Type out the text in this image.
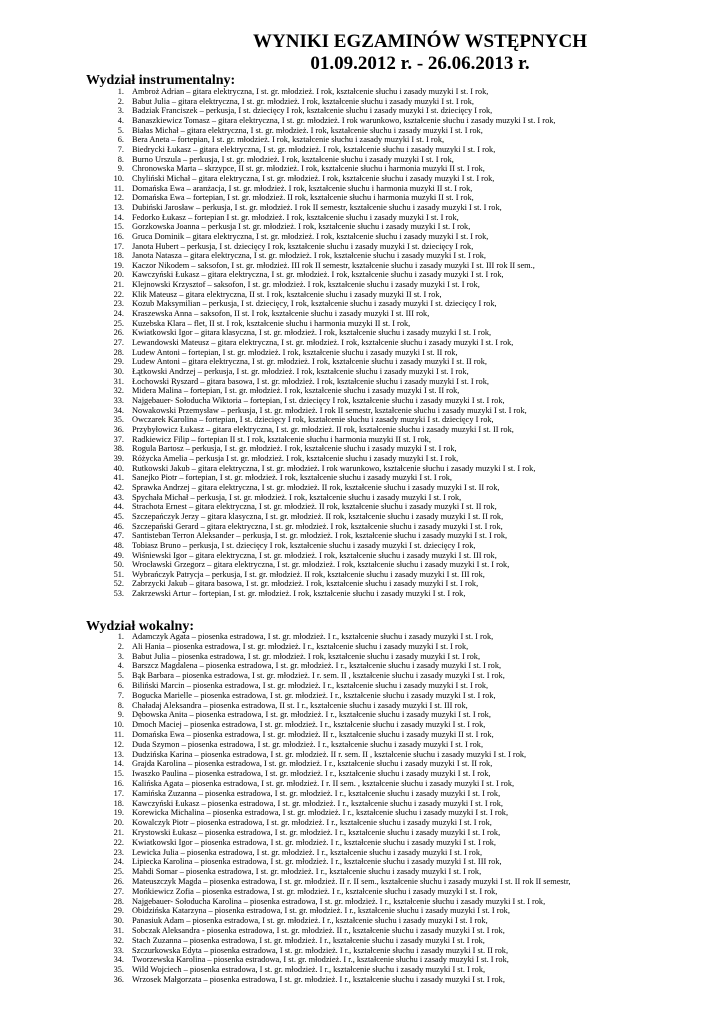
WYNIKI EGZAMINÓW WSTĘPNYCH
01.09.2012 r. - 26.06.2013 r.
Wydział instrumentalny:
1. Ambroż Adrian – gitara elektryczna, I st. gr. młodzież. I rok, kształcenie słuchu i zasady muzyki I st. I rok,
2. Babut Julia – gitara elektryczna, I st. gr. młodzież. I rok, kształcenie słuchu i zasady muzyki I st. I rok,
3. Badziak Franciszek – perkusja, I st. dziecięcy I rok, kształcenie słuchu i zasady muzyki I st. dziecięcy I rok,
4. Banaszkiewicz Tomasz – gitara elektryczna, I st. gr. młodzież. I rok warunkowo, kształcenie słuchu i zasady muzyki I st. I rok,
5. Białas Michał – gitara elektryczna, I st. gr. młodzież. I rok, kształcenie słuchu i zasady muzyki I st. I rok,
6. Bera Aneta – fortepian, I st. gr. młodzież. I rok, kształcenie słuchu i zasady muzyki I st. I rok,
7. Biedrycki Łukasz – gitara elektryczna, I st. gr. młodzież. I rok, kształcenie słuchu i zasady muzyki I st. I rok,
8. Burno Urszula – perkusja, I st. gr. młodzież. I rok, kształcenie słuchu i zasady muzyki I st. I rok,
9. Chronowska Marta – skrzypce, II st. gr. młodzież. I rok, kształcenie słuchu i harmonia muzyki II st. I rok,
10. Chyliński Michał – gitara elektryczna, I st. gr. młodzież. I rok, kształcenie słuchu i zasady muzyki I st. I rok,
11. Domańska Ewa – aranżacja, I st. gr. młodzież. I rok, kształcenie słuchu i harmonia muzyki II st. I rok,
12. Domańska Ewa – fortepian, I st. gr. młodzież. II rok, kształcenie słuchu i harmonia muzyki II st. I rok,
13. Dubiński Jarosław – perkusja, I st. gr. młodzież. I rok II semestr, kształcenie słuchu i zasady muzyki I st. I rok,
14. Fedorko Łukasz – fortepian I st. gr. młodzież. I rok, kształcenie słuchu i zasady muzyki I st. I rok,
15. Gorzkowska Joanna – perkusja I st. gr. młodzież. I rok, kształcenie słuchu i zasady muzyki I st. I rok,
16. Gruca Dominik – gitara elektryczna, I st. gr. młodzież. I rok, kształcenie słuchu i zasady muzyki I st. I rok,
17. Janota Hubert – perkusja, I st. dziecięcy I rok, kształcenie słuchu i zasady muzyki I st. dziecięcy I rok,
18. Janota Natasza – gitara elektryczna, I st. gr. młodzież. I rok, kształcenie słuchu i zasady muzyki I st. I rok,
19. Kaczor Nikodem – saksofon, I st. gr. młodzież. III rok II semestr, kształcenie słuchu i zasady muzyki I st. III rok II sem.,
20. Kawczyński Łukasz – gitara elektryczna, I st. gr. młodzież. I rok, kształcenie słuchu i zasady muzyki I st. I rok,
21. Klejnowski Krzysztof – saksofon, I st. gr. młodzież. I rok, kształcenie słuchu i zasady muzyki I st. I rok,
22. Klik Mateusz – gitara elektryczna, II st. I rok, kształcenie słuchu i zasady muzyki II st. I rok,
23. Kozub Maksymilian – perkusja, I st. dziecięcy, I rok, kształcenie słuchu i zasady muzyki I st. dziecięcy I rok,
24. Kraszewska Anna – saksofon, II st. I rok, kształcenie słuchu i zasady muzyki I st. III rok,
25. Kuzebska Klara – flet, II st. I rok, kształcenie słuchu i harmonia muzyki II st. I rok,
26. Kwiatkowski Igor – gitara klasyczna, I st. gr. młodzież. I rok, kształcenie słuchu i zasady muzyki I st. I rok,
27. Lewandowski Mateusz – gitara elektryczna, I st. gr. młodzież. I rok, kształcenie słuchu i zasady muzyki I st. I rok,
28. Ludew Antoni – fortepian, I st. gr. młodzież. I rok, kształcenie słuchu i zasady muzyki I st. II rok,
29. Ludew Antoni – gitara elektryczna, I st. gr. młodzież. I rok, kształcenie słuchu i zasady muzyki I st. II rok,
30. Łątkowski Andrzej – perkusja, I st. gr. młodzież. I rok, kształcenie słuchu i zasady muzyki I st. I rok,
31. Łochowski Ryszard – gitara basowa, I st. gr. młodzież. I rok, kształcenie słuchu i zasady muzyki I st. I rok,
32. Midera Malina – fortepian, I st. gr. młodzież. I rok, kształcenie słuchu i zasady muzyki I st. II rok,
33. Najgebauer- Sołoducha Wiktoria – fortepian, I st. dziecięcy I rok, kształcenie słuchu i zasady muzyki I st. I rok,
34. Nowakowski Przemysław – perkusja, I st. gr. młodzież. I rok II semestr, kształcenie słuchu i zasady muzyki I st. I rok,
35. Owczarek Karolina – fortepian, I st. dziecięcy I rok, kształcenie słuchu i zasady muzyki I st. dziecięcy I rok,
36. Przybyłowicz Łukasz – gitara elektryczna, I st. gr. młodzież. II rok, kształcenie słuchu i zasady muzyki I st. II rok,
37. Radkiewicz Filip – fortepian II st. I rok, kształcenie słuchu i harmonia muzyki II st. I rok,
38. Rogula Bartosz – perkusja, I st. gr. młodzież. I rok, kształcenie słuchu i zasady muzyki I st. I rok,
39. Różycka Amelia – perkusja I st. gr. młodzież. I rok, kształcenie słuchu i zasady muzyki I st. I rok,
40. Rutkowski Jakub – gitara elektryczna, I st. gr. młodzież. I rok warunkowo, kształcenie słuchu i zasady muzyki I st. I rok,
41. Sanejko Piotr – fortepian, I st. gr. młodzież. I rok, kształcenie słuchu i zasady muzyki I st. I rok,
42. Sprawka Andrzej – gitara elektryczna, I st. gr. młodzież. II rok, kształcenie słuchu i zasady muzyki I st. II rok,
43. Spychała Michał – perkusja, I st. gr. młodzież. I rok, kształcenie słuchu i zasady muzyki I st. I rok,
44. Strachota Ernest – gitara elektryczna, I st. gr. młodzież. II rok, kształcenie słuchu i zasady muzyki I st. II rok,
45. Szczepańczyk Jerzy – gitara klasyczna, I st. gr. młodzież. II rok, kształcenie słuchu i zasady muzyki I st. II rok,
46. Szczepański Gerard – gitara elektryczna, I st. gr. młodzież. I rok, kształcenie słuchu i zasady muzyki I st. I rok,
47. Santisteban Terron Aleksander – perkusja, I st. gr. młodzież. I rok, kształcenie słuchu i zasady muzyki I st. I rok,
48. Tobiasz Bruno – perkusja, I st. dziecięcy I rok, kształcenie słuchu i zasady muzyki I st. dziecięcy I rok,
49. Wiśniewski Igor – gitara elektryczna, I st. gr. młodzież. I rok, kształcenie słuchu i zasady muzyki I st. III rok,
50. Wrocławski Grzegorz – gitara elektryczna, I st. gr. młodzież. I rok, kształcenie słuchu i zasady muzyki I st. I rok,
51. Wybrańczyk Patrycja – perkusja, I st. gr. młodzież. II rok, kształcenie słuchu i zasady muzyki I st. III rok,
52. Zabrzycki Jakub – gitara basowa, I st. gr. młodzież. I rok, kształcenie słuchu i zasady muzyki I st. I rok,
53. Zakrzewski Artur – fortepian, I st. gr. młodzież. I rok, kształcenie słuchu i zasady muzyki I st. I rok,
Wydział wokalny:
1. Adamczyk Agata – piosenka estradowa, I st. gr. młodzież. I r., kształcenie słuchu i zasady muzyki I st. I rok,
2. Ali Hania – piosenka estradowa, I st. gr. młodzież. I r., kształcenie słuchu i zasady muzyki I st. I rok,
3. Babut Julia – piosenka estradowa, I st. gr. młodzież. I rok, kształcenie słuchu i zasady muzyki I st. I rok,
4. Barszcz Magdalena – piosenka estradowa, I st. gr. młodzież. I r., kształcenie słuchu i zasady muzyki I st. I rok,
5. Bąk Barbara – piosenka estradowa, I st. gr. młodzież. I r. sem. II , kształcenie słuchu i zasady muzyki I st. I rok,
6. Biliński Marcin – piosenka estradowa, I st. gr. młodzież. I r., kształcenie słuchu i zasady muzyki I st. I rok,
7. Bogucka Marielle – piosenka estradowa, I st. gr. młodzież. I r., kształcenie słuchu i zasady muzyki I st. I rok,
8. Chaładaj Aleksandra – piosenka estradowa, II st. I r., kształcenie słuchu i zasady muzyki I st. III rok,
9. Dębowska Anita – piosenka estradowa, I st. gr. młodzież. I r., kształcenie słuchu i zasady muzyki I st. I rok,
10. Dmoch Maciej – piosenka estradowa, I st. gr. młodzież. I r., kształcenie słuchu i zasady muzyki I st. I rok,
11. Domańska Ewa – piosenka estradowa, I st. gr. młodzież. II r., kształcenie słuchu i zasady muzyki II st. I rok,
12. Duda Szymon – piosenka estradowa, I st. gr. młodzież. I r., kształcenie słuchu i zasady muzyki I st. I rok,
13. Dudzińska Karina – piosenka estradowa, I st. gr. młodzież. II r. sem. II , kształcenie słuchu i zasady muzyki I st. I rok,
14. Grajda Karolina – piosenka estradowa, I st. gr. młodzież. I r., kształcenie słuchu i zasady muzyki I st. II rok,
15. Iwaszko Paulina – piosenka estradowa, I st. gr. młodzież. I r., kształcenie słuchu i zasady muzyki I st. I rok,
16. Kalińska Agata – piosenka estradowa, I st. gr. młodzież. I r. II sem. , kształcenie słuchu i zasady muzyki I st. I rok,
17. Kamińska Zuzanna – piosenka estradowa, I st. gr. młodzież. I r., kształcenie słuchu i zasady muzyki I st. I rok,
18. Kawczyński Łukasz – piosenka estradowa, I st. gr. młodzież. I r., kształcenie słuchu i zasady muzyki I st. I rok,
19. Korewicka Michalina – piosenka estradowa, I st. gr. młodzież. I r., kształcenie słuchu i zasady muzyki I st. I rok,
20. Kowalczyk Piotr – piosenka estradowa, I st. gr. młodzież. I r., kształcenie słuchu i zasady muzyki I st. I rok,
21. Krystowski Łukasz – piosenka estradowa, I st. gr. młodzież. I r., kształcenie słuchu i zasady muzyki I st. I rok,
22. Kwiatkowski Igor – piosenka estradowa, I st. gr. młodzież. I r., kształcenie słuchu i zasady muzyki I st. I rok,
23. Lewicka Julia – piosenka estradowa, I st. gr. młodzież. I r., kształcenie słuchu i zasady muzyki I st. I rok,
24. Lipiecka Karolina – piosenka estradowa, I st. gr. młodzież. I r., kształcenie słuchu i zasady muzyki I st. III rok,
25. Mahdi Somar – piosenka estradowa, I st. gr. młodzież. I r., kształcenie słuchu i zasady muzyki I st. I rok,
26. Mateuszczyk Magda – piosenka estradowa, I st. gr. młodzież. II r. II sem., kształcenie słuchu i zasady muzyki I st. II rok II semestr,
27. Mońkiewicz Zofia – piosenka estradowa, I st. gr. młodzież. I r., kształcenie słuchu i zasady muzyki I st. I rok,
28. Najgebauer- Sołoducha Karolina – piosenka estradowa, I st. gr. młodzież. I r., kształcenie słuchu i zasady muzyki I st. I rok,
29. Obidzińska Katarzyna – piosenka estradowa, I st. gr. młodzież. I r., kształcenie słuchu i zasady muzyki I st. I rok,
30. Panasiuk Adam – piosenka estradowa, I st. gr. młodzież. I r., kształcenie słuchu i zasady muzyki I st. I rok,
31. Sobczak Aleksandra - piosenka estradowa, I st. gr. młodzież. II r., kształcenie słuchu i zasady muzyki I st. I rok,
32. Stach Zuzanna – piosenka estradowa, I st. gr. młodzież. I r., kształcenie słuchu i zasady muzyki I st. I rok,
33. Szczurkowska Edyta – piosenka estradowa, I st. gr. młodzież. I r., kształcenie słuchu i zasady muzyki I st. II rok,
34. Tworzewska Karolina – piosenka estradowa, I st. gr. młodzież. I r., kształcenie słuchu i zasady muzyki I st. I rok,
35. Wild Wojciech – piosenka estradowa, I st. gr. młodzież. I r., kształcenie słuchu i zasady muzyki I st. I rok,
36. Wrzosek Małgorzata – piosenka estradowa, I st. gr. młodzież. I r., kształcenie słuchu i zasady muzyki I st. I rok,
